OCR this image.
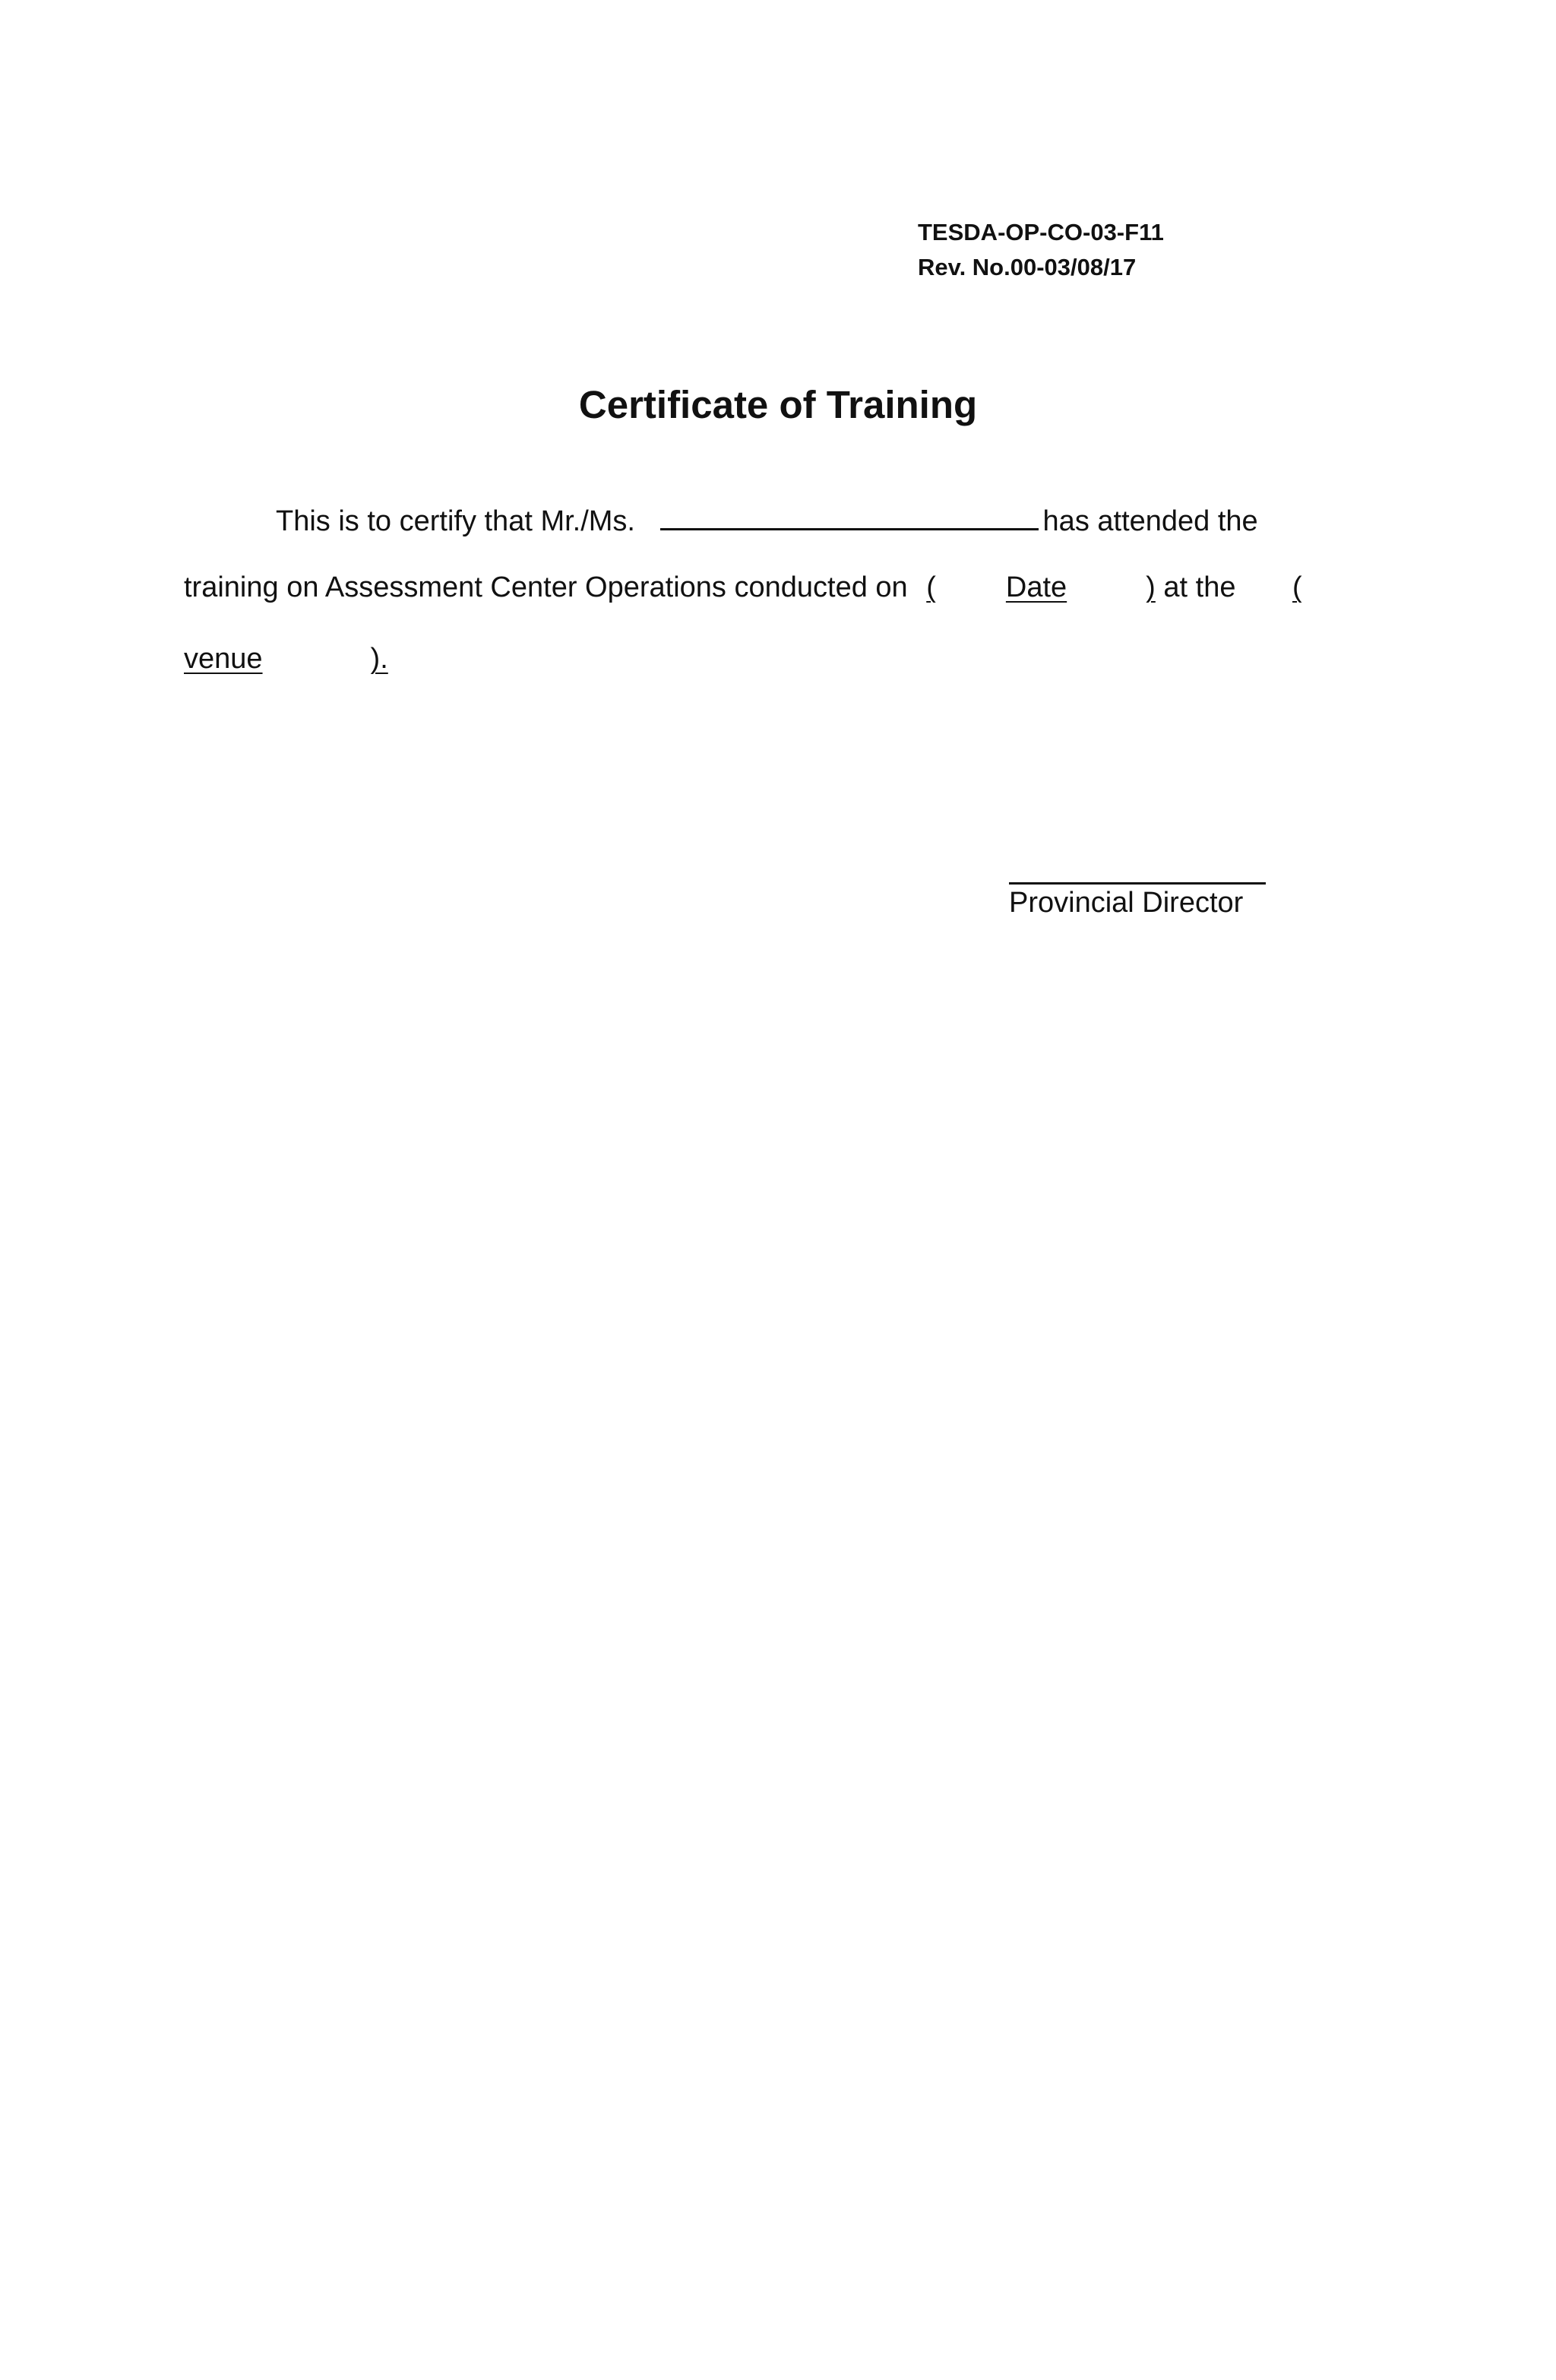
TESDA-OP-CO-03-F11
Rev. No.00-03/08/17
Certificate of Training
This is to certify that Mr./Ms.	has attended the
training on Assessment Center Operations conducted on ( Date	) at the (
venue	).
Provincial Director
